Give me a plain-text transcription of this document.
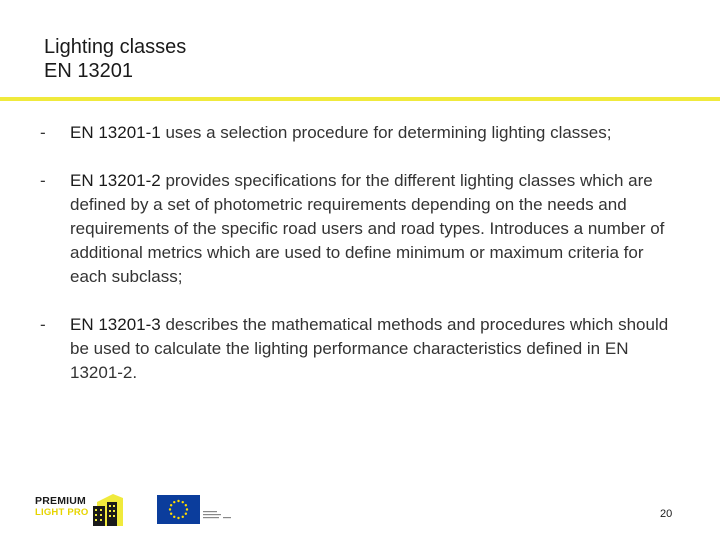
Lighting classes
EN 13201
- EN 13201-1 uses a selection procedure for determining lighting classes;
- EN 13201-2 provides specifications for the different lighting classes which are defined by a set of photometric requirements depending on the needs and requirements of the specific road users and road types. Introduces a number of additional metrics which are used to define minimum or maximum criteria for each subclass;
- EN 13201-3 describes the mathematical methods and procedures which should be used to calculate the lighting performance characteristics defined in EN 13201-2.
PREMIUM
LIGHT PRO	20
